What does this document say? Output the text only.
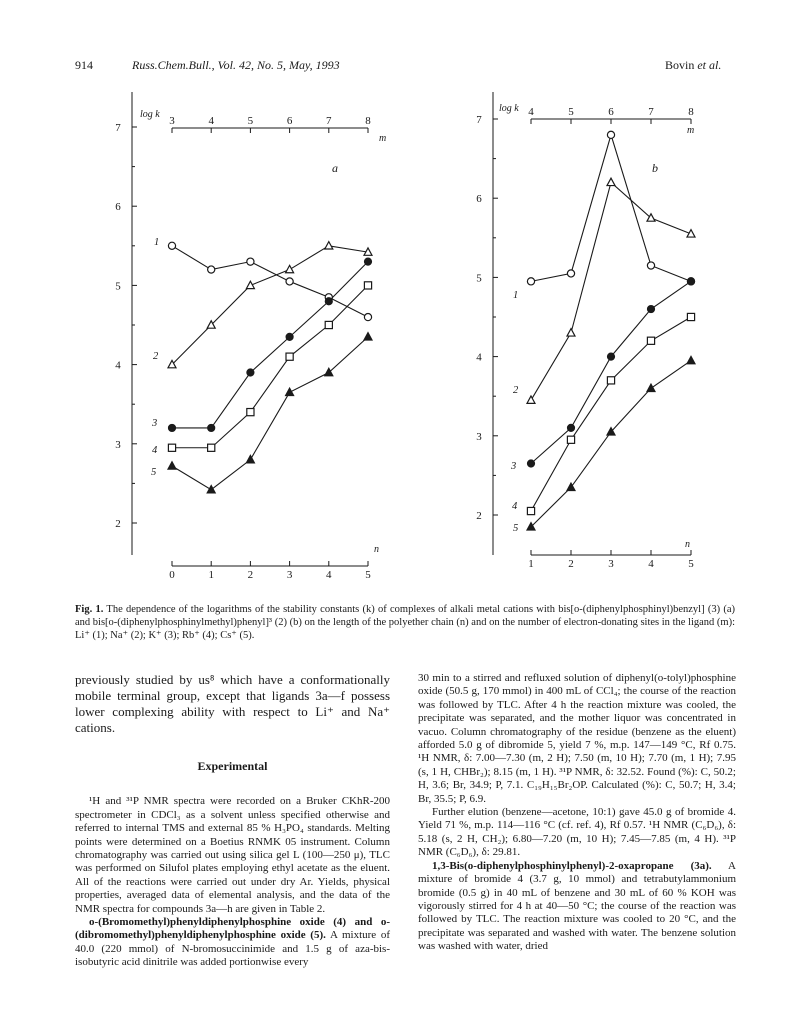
914	Russ.Chem.Bull., Vol. 42, No. 5, May, 1993	Bovin et al.
2
3
4
5
6
7
log k
0	1	2	3	4	5
n
3	4	5	6	7	8
m
a
1
2
3
4
5
2
3
4
5
6
7
log k
1	2	3	4	5
n
4	5	6	7	8
m
b
1
2
3
4
5
Fig. 1. The dependence of the logarithms of the stability constants (k) of complexes of alkali metal cations with bis[o-(diphenylphosphinyl)benzyl] (3) (a) and bis[o-(diphenylphosphinylmethyl)phenyl]³ (2) (b) on the length of the polyether chain (n) and on the number of electron-donating sites in the ligand (m): Li⁺ (1); Na⁺ (2); K⁺ (3); Rb⁺ (4); Cs⁺ (5).

previously studied by us⁸ which have a conformationally mobile terminal group, except that ligands 3a—f possess lower complexing ability with respect to Li⁺ and Na⁺ cations.

Experimental

¹H and ³¹P NMR spectra were recorded on a Bruker CKhR-200 spectrometer in CDCl₃ as a solvent unless specified otherwise and referred to internal TMS and external 85 % H₃PO₄ standards. Melting points were determined on a Boetius RNMK 05 instrument. Column chromatography was carried out using silica gel L (100—250 μ), TLC was performed on Silufol plates employing ethyl acetate as the eluent. All of the reactions were carried out under dry Ar. Yields, physical properties, averaged data of elemental analysis, and the data of the NMR spectra for compounds 3a—h are given in Table 2.

o-(Bromomethyl)phenyldiphenylphosphine oxide (4) and o-(dibromomethyl)phenyldiphenylphosphine oxide (5). A mixture of 40.0 (220 mmol) of N-bromosuccinimide and 1.5 g of aza-bis-isobutyric acid dinitrile was added portionwise every

30 min to a stirred and refluxed solution of diphenyl(o-tolyl)phosphine oxide (50.5 g, 170 mmol) in 400 mL of CCl₄; the course of the reaction was followed by TLC. After 4 h the reaction mixture was cooled, the precipitate was separated, and the mother liquor was concentrated in vacuo. Column chromatography of the residue (benzene as the eluent) afforded 5.0 g of dibromide 5, yield 7 %, m.p. 147—149 °C, Rf 0.75. ¹H NMR, δ: 7.00—7.30 (m, 2 H); 7.50 (m, 10 H); 7.70 (m, 1 H); 7.95 (s, 1 H, CHBr₂); 8.15 (m, 1 H). ³¹P NMR, δ: 32.52. Found (%): C, 50.2; H, 3.6; Br, 34.9; P, 7.1. C₁₉H₁₅Br₂OP. Calculated (%): C, 50.7; H, 3.4; Br, 35.5; P, 6.9.

Further elution (benzene—acetone, 10:1) gave 45.0 g of bromide 4. Yield 71 %, m.p. 114—116 °C (cf. ref. 4), Rf 0.57. ¹H NMR (C₆D₆), δ: 5.18 (s, 2 H, CH₂); 6.80—7.20 (m, 10 H); 7.45—7.85 (m, 4 H). ³¹P NMR (C₆D₆), δ: 29.81.

1,3-Bis(o-diphenylphosphinylphenyl)-2-oxapropane (3a). A mixture of bromide 4 (3.7 g, 10 mmol) and tetrabutylammonium bromide (0.5 g) in 40 mL of benzene and 30 mL of 60 % KOH was vigorously stirred for 4 h at 40—50 °C; the course of the reaction was followed by TLC. The reaction mixture was cooled to 20 °C, and the precipitate was separated and washed with water. The benzene solution was washed with water, dried
